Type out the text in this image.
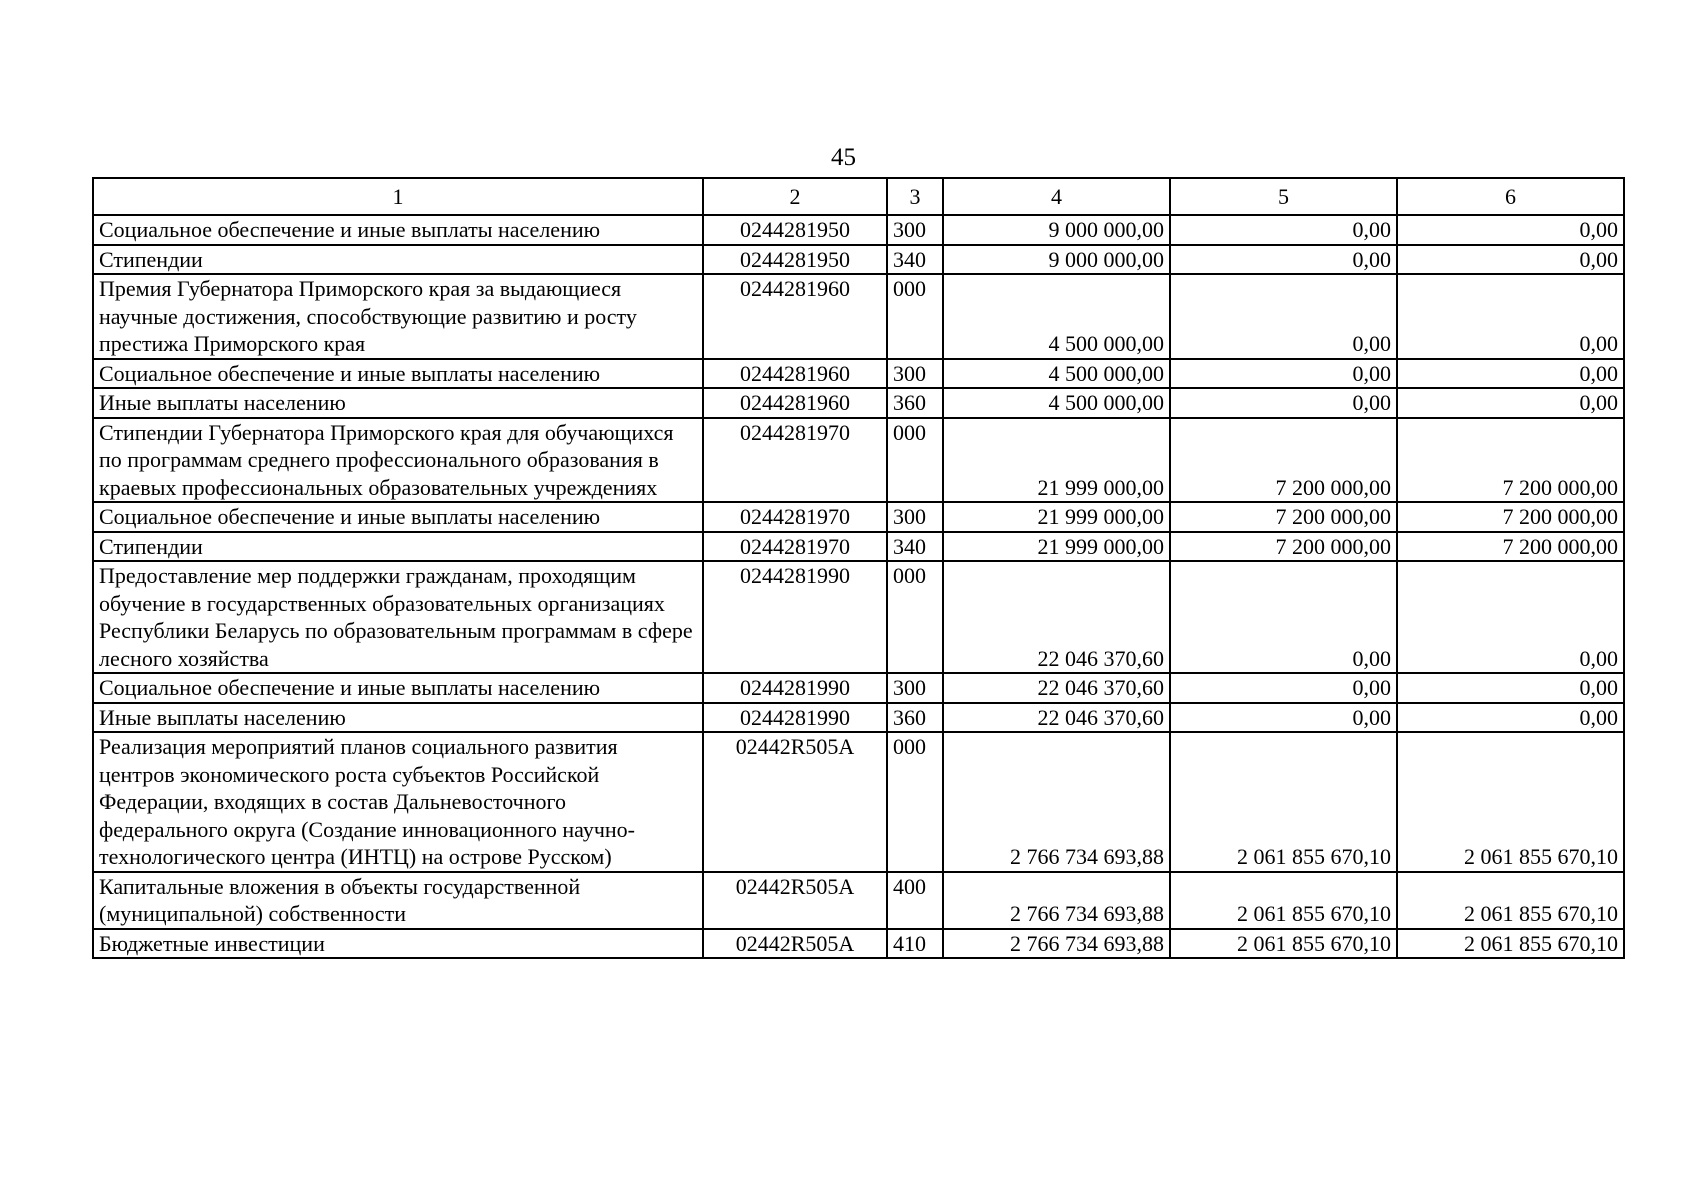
45
1	2	3	4	5	6
Социальное обеспечение и иные выплаты населению	0244281950	300	9 000 000,00	0,00	0,00
Стипендии	0244281950	340	9 000 000,00	0,00	0,00
Премия Губернатора Приморского края за выдающиеся научные достижения, способствующие развитию и росту престижа Приморского края	0244281960	000	4 500 000,00	0,00	0,00
Социальное обеспечение и иные выплаты населению	0244281960	300	4 500 000,00	0,00	0,00
Иные выплаты населению	0244281960	360	4 500 000,00	0,00	0,00
Стипендии Губернатора Приморского края для обучающихся по программам среднего профессионального образования в краевых профессиональных образовательных учреждениях	0244281970	000	21 999 000,00	7 200 000,00	7 200 000,00
Социальное обеспечение и иные выплаты населению	0244281970	300	21 999 000,00	7 200 000,00	7 200 000,00
Стипендии	0244281970	340	21 999 000,00	7 200 000,00	7 200 000,00
Предоставление мер поддержки гражданам, проходящим обучение в государственных образовательных организациях Республики Беларусь по образовательным программам в сфере лесного хозяйства	0244281990	000	22 046 370,60	0,00	0,00
Социальное обеспечение и иные выплаты населению	0244281990	300	22 046 370,60	0,00	0,00
Иные выплаты населению	0244281990	360	22 046 370,60	0,00	0,00
Реализация мероприятий планов социального развития центров экономического роста субъектов Российской Федерации, входящих в состав Дальневосточного федерального округа (Создание инновационного научно-технологического центра (ИНТЦ) на острове Русском)	02442R505A	000	2 766 734 693,88	2 061 855 670,10	2 061 855 670,10
Капитальные вложения в объекты государственной (муниципальной) собственности	02442R505A	400	2 766 734 693,88	2 061 855 670,10	2 061 855 670,10
Бюджетные инвестиции	02442R505A	410	2 766 734 693,88	2 061 855 670,10	2 061 855 670,10
